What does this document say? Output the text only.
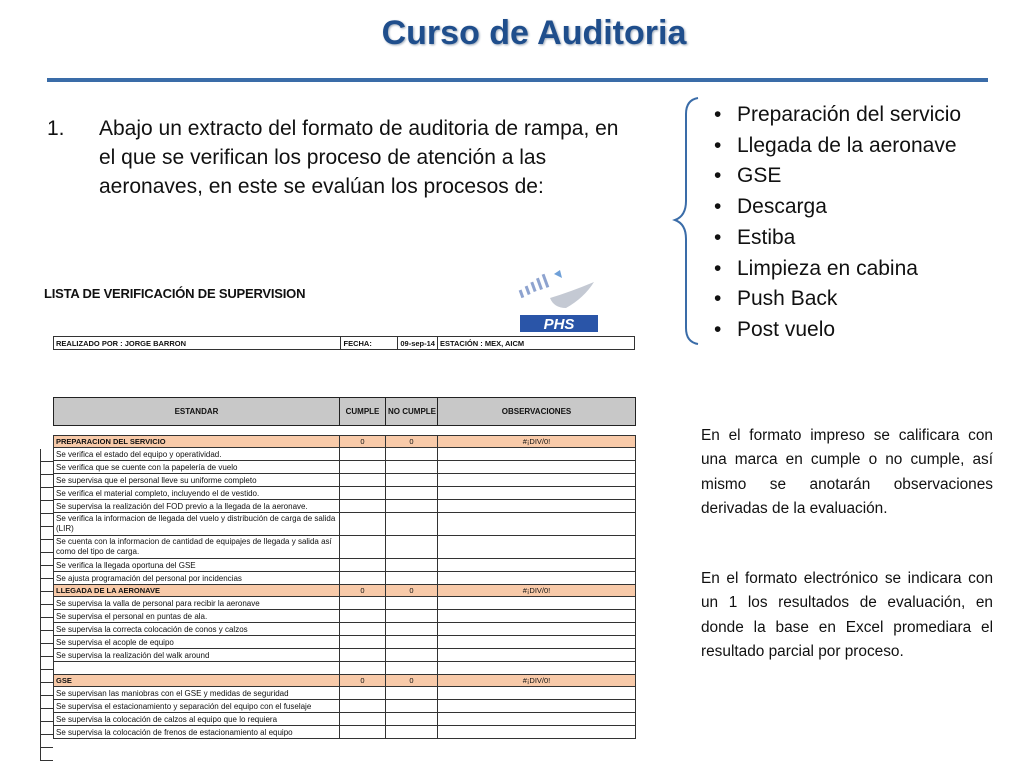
Curso de Auditoria
1. Abajo un extracto del formato de auditoria de rampa, en el que se verifican los proceso de atención a las aeronaves, en este se evalúan los procesos de:
• Preparación del servicio
• Llegada de la aeronave
• GSE
• Descarga
• Estiba
• Limpieza en cabina
• Push Back
• Post vuelo
En el formato impreso se calificara con una marca en cumple o no cumple, así mismo se anotarán observaciones derivadas de la evaluación.
En el formato electrónico se indicara con un 1 los resultados de evaluación, en donde la base en Excel promediara el resultado parcial por proceso.
LISTA DE VERIFICACIÓN DE SUPERVISION
PHS
REALIZADO POR : JORGE BARRON	FECHA:	09-sep-14	ESTACIÓN : MEX, AICM
ESTANDAR	CUMPLE	NO CUMPLE	OBSERVACIONES

PREPARACION DEL SERVICIO	0	0	#¡DIV/0!
Se verifica el estado del equipo y operatividad.			
Se verifica que se cuente con la papelería de vuelo			
Se supervisa que el personal lleve su uniforme completo			
Se verifica el material completo, incluyendo el de vestido.			
Se supervisa la realización del FOD previo a la llegada de la aeronave.			
Se verifica la informacion de llegada del vuelo y distribución de carga de salida (LIR)			
Se cuenta con la informacion de cantidad de equipajes de llegada y salida así como del tipo de carga.			
Se verifica la llegada oportuna del GSE			
Se ajusta programación del personal por incidencias			
LLEGADA DE LA AERONAVE	0	0	#¡DIV/0!
Se supervisa la valla de personal para recibir la aeronave			
Se supervisa el personal en puntas de ala.			
Se supervisa la correcta colocación de conos y calzos			
Se supervisa el acople de equipo			
Se supervisa la realización del walk around			

GSE	0	0	#¡DIV/0!
Se supervisan las maniobras con el GSE y medidas de seguridad			
Se supervisa el estacionamiento y separación del equipo con el fuselaje			
Se supervisa la colocación de calzos al equipo que lo requiera			
Se supervisa la colocación de frenos de estacionamiento al equipo			
